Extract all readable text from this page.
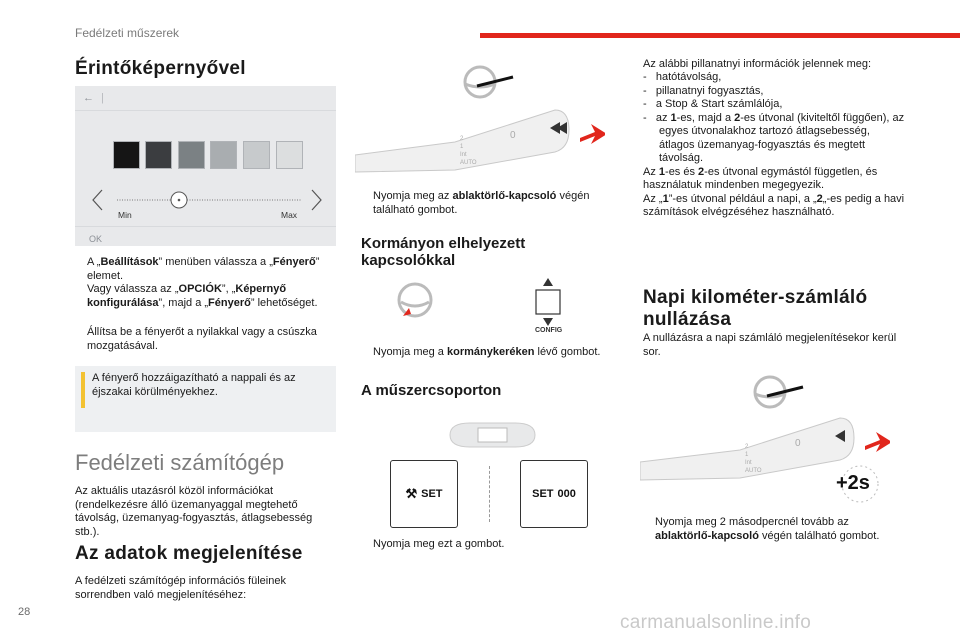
Fedélzeti műszerek
Érintőképernyővel
← |
OK
Min	Max
A „Beállítások” menüben válassza a „Fényerő” elemet.
Vagy válassza az „OPCIÓK”, „Képernyő konfigurálása”, majd a „Fényerő” lehetőséget.
Állítsa be a fényerőt a nyilakkal vagy a csúszka mozgatásával.
A fényerő hozzáigazítható a nappali és az éjszakai körülményekhez.
Fedélzeti számítógép
Az aktuális utazásról közöl információkat (rendelkezésre álló üzemanyaggal megtehető távolság, üzemanyag-fogyasztás, átlagsebesség stb.).
Az adatok megjelenítése
A fedélzeti számítógép információs füleinek sorrendben való megjelenítéséhez:
2
1
Int
AUTO
0
Nyomja meg az ablaktörlő-kapcsoló végén található gombot.
Kormányon elhelyezett kapcsolókkal
CONFIG
Nyomja meg a kormánykeréken lévő gombot.
A műszercsoporton
⚒ SET	SET 000
Nyomja meg ezt a gombot.
Az alábbi pillanatnyi információk jelennek meg:
-   hatótávolság,
-   pillanatnyi fogyasztás,
-   a Stop & Start számlálója,
-   az 1-es, majd a 2-es útvonal (kiviteltől függően), az egyes útvonalakhoz tartozó átlagsebesség, átlagos üzemanyag-fogyasztás és megtett távolság.
Az 1-es és 2-es útvonal egymástól független, és használatuk mindenben megegyezik.
Az „1”-es útvonal például a napi, a „2„-es pedig a havi számítások elvégzéséhez használható.
Napi kilométer-számláló nullázása
A nullázásra a napi számláló megjelenítésekor kerül sor.
2
1
Int
AUTO
0
+2s
Nyomja meg 2 másodpercnél tovább az ablaktörlő-kapcsoló végén található gombot.
28	carmanualsonline.info
